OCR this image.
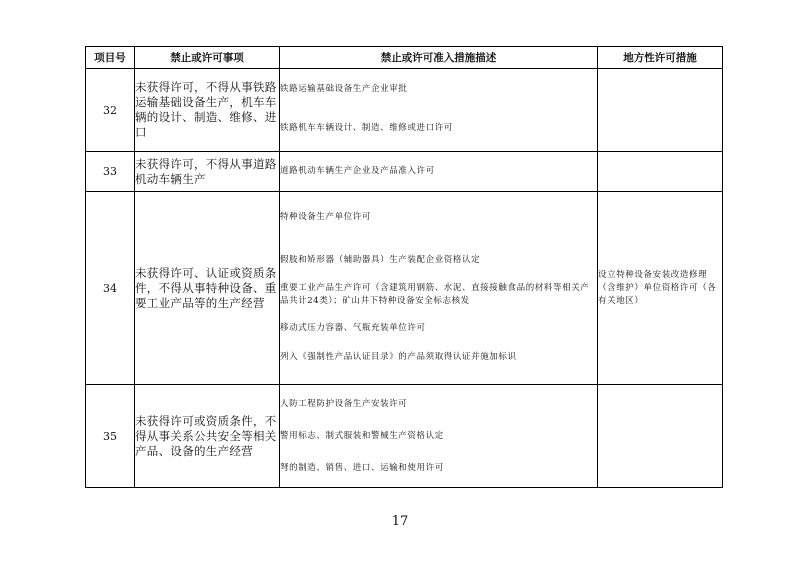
项目号	禁止或许可事项	禁止或许可准入措施描述	地方性许可措施
32	未获得许可，不得从事铁路运输基础设备生产，机车车辆的设计、制造、维修、进口	铁路运输基础设备生产企业审批

铁路机车车辆设计、制造、维修或进口许可	

33	未获得许可，不得从事道路机动车辆生产	道路机动车辆生产企业及产品准入许可	

34	未获得许可、认证或资质条件，不得从事特种设备、重要工业产品等的生产经营	特种设备生产单位许可

假肢和矫形器（辅助器具）生产装配企业资格认定

重要工业产品生产许可（含建筑用钢筋、水泥、直接接触食品的材料等相关产品共计24类）；矿山井下特种设备安全标志核发

移动式压力容器、气瓶充装单位许可

列入《强制性产品认证目录》的产品须取得认证并施加标识	设立特种设备安装改造修理（含维护）单位资格许可（各有关地区）
35	未获得许可或资质条件，不得从事关系公共安全等相关产品、设备的生产经营	人防工程防护设备生产安装许可

警用标志、制式服装和警械生产资格认定

弩的制造、销售、进口、运输和使用许可	

17
